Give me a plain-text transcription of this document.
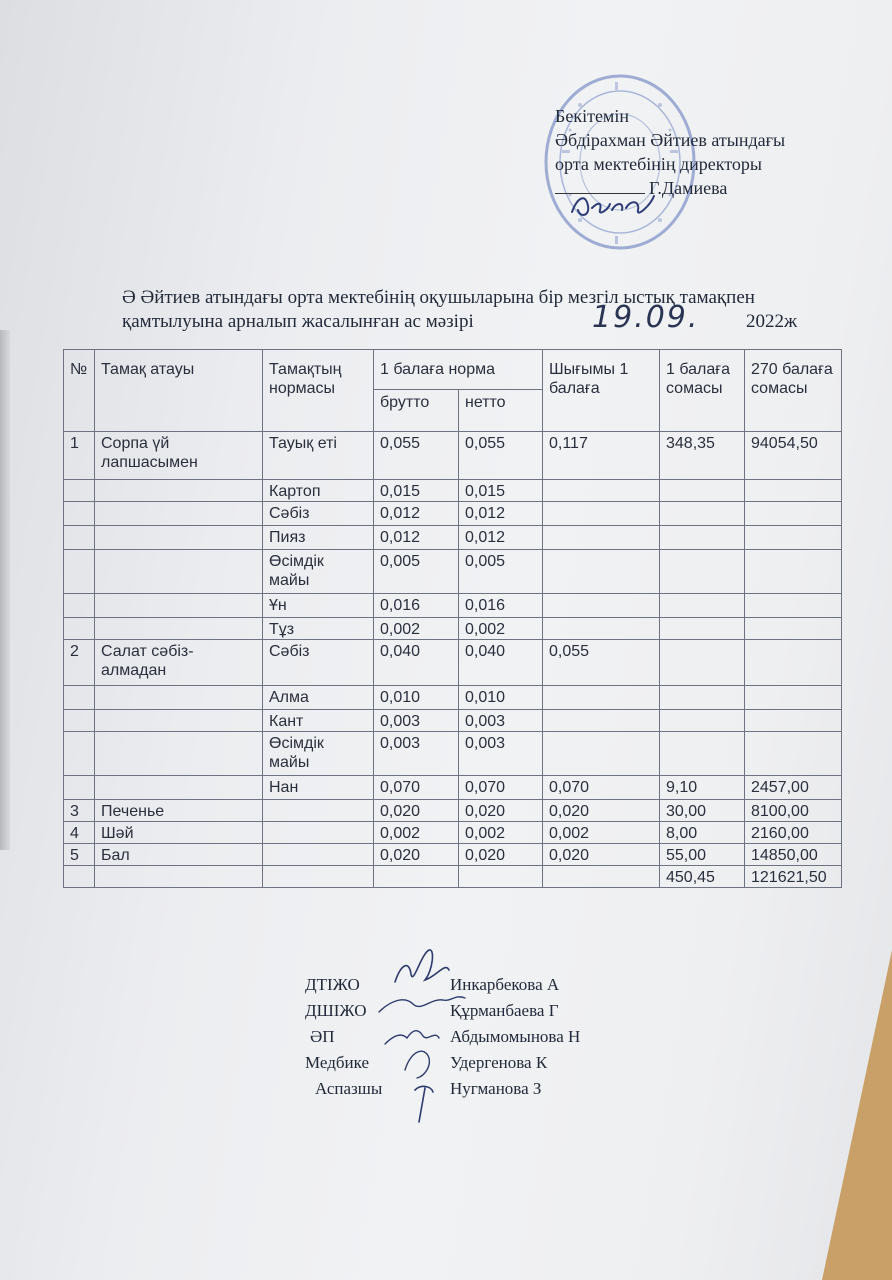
Бекітемін
Әбдірахман Әйтиев атындағы
орта мектебінің директоры
Г.Дамиева
Ә Әйтиев атындағы орта мектебінің оқушыларына бір мезгіл ыстық тамақпен
қамтылуына арналып жасалынған ас мәзірі	19.09. 2022ж
№	Тамақ атауы	Тамақтың нормасы	1 балаға норма		Шығымы 1 балаға	1 балаға сомасы	270 балаға сомасы
			брутто	нетто			
1	Сорпа үй лапшасымен	Тауық еті	0,055	0,055	0,117	348,35	94054,50
		Картоп	0,015	0,015			
		Сәбіз	0,012	0,012			
		Пияз	0,012	0,012			
		Өсімдік майы	0,005	0,005			
		Ұн	0,016	0,016			
		Тұз	0,002	0,002			
2	Салат сәбіз-алмадан	Сәбіз	0,040	0,040	0,055		
		Алма	0,010	0,010			
		Кант	0,003	0,003			
		Өсімдік майы	0,003	0,003			
		Нан	0,070	0,070	0,070	9,10	2457,00
3	Печенье		0,020	0,020	0,020	30,00	8100,00
4	Шәй		0,002	0,002	0,002	8,00	2160,00
5	Бал		0,020	0,020	0,020	55,00	14850,00
						450,45	121621,50
ДТІЖО	Инкарбекова А
ДШІЖО	Құрманбаева Г
ӘП	Абдымомынова Н
Медбике	Удергенова К
Аспазшы	Нугманова З
